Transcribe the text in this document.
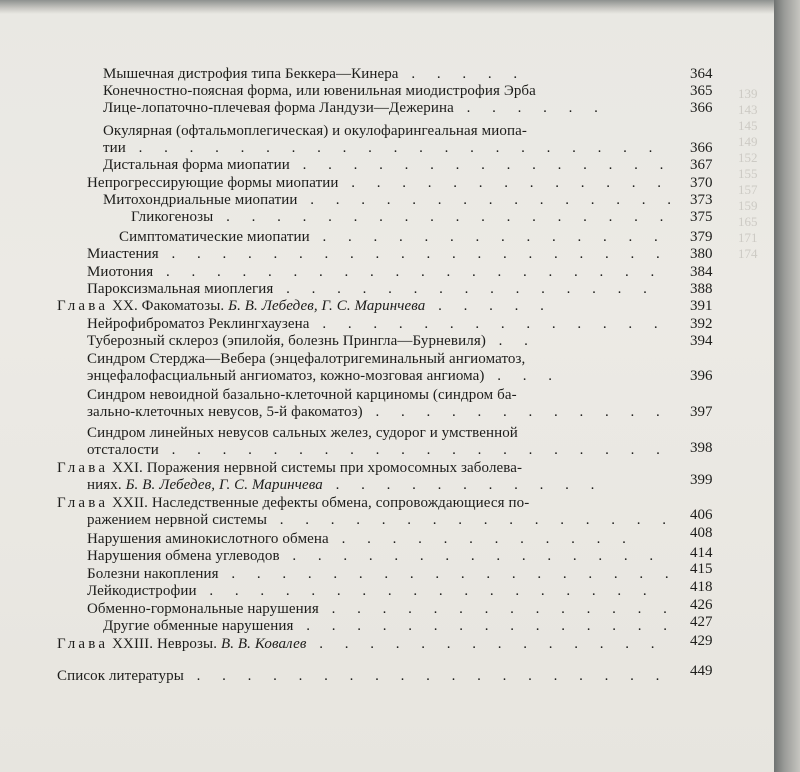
139
143
145
149
152
155
157
159
165
171
174
Мышечная дистрофия типа Беккера—Кинера . . . . .	364
Конечностно-поясная форма, или ювенильная миодистрофия Эрба	365
Лице-лопаточно-плечевая форма Ландузи—Дежерина . . . . . .	366
Окулярная (офтальмоплегическая) и окулофарингеальная миопа-
тии . . . . . . . . . . . . . . . . . . . . . 366
Дистальная форма миопатии . . . . . . . . . . . . . . . 367
Непрогрессирующие формы миопатии . . . . . . . . . . . . . 370
Митохондриальные миопатии . . . . . . . . . . . . . . . 373
Гликогенозы . . . . . . . . . . . . . . . . . . 375
Симптоматические миопатии . . . . . . . . . . . . . . 379
Миастения . . . . . . . . . . . . . . . . . . . . 380
Миотония . . . . . . . . . . . . . . . . . . . . 384
Пароксизмальная миоплегия . . . . . . . . . . . . . . . 388
Глава XX. Факоматозы. Б. В. Лебедев, Г. С. Маринчева . . . . .	391
Нейрофиброматоз Реклингхаузена . . . . . . . . . . . . . . 392
Туберозный склероз (эпилойя, болезнь Прингла—Бурневиля) . .	394
Синдром Стерджа—Вебера (энцефалотригеминальный ангиоматоз,
энцефалофасциальный ангиоматоз, кожно-мозговая ангиома) . . .	396
Синдром невоидной базально-клеточной карциномы (синдром ба-
зально-клеточных невусов, 5-й факоматоз) . . . . . . . . . . . . 397
Синдром линейных невусов сальных желез, судорог и умственной
отсталости . . . . . . . . . . . . . . . . . . . . 398
Глава XXI. Поражения нервной системы при хромосомных заболева-
ниях. Б. В. Лебедев, Г. С. Маринчева . . . . . . . . . . .	399
Глава XXII. Наследственные дефекты обмена, сопровождающиеся по-
ражением нервной системы . . . . . . . . . . . . . . . . 406
Нарушения аминокислотного обмена . . . . . . . . . . . .	408
Нарушения обмена углеводов . . . . . . . . . . . . . . . 414
Болезни накопления . . . . . . . . . . . . . . . . . . 415
Лейкодистрофии . . . . . . . . . . . . . . . . . . 418
Обменно-гормональные нарушения . . . . . . . . . . . . . . 426
Другие обменные нарушения . . . . . . . . . . . . . . . 427
Глава XXIII. Неврозы. В. В. Ковалев . . . . . . . . . . . . . . 429
Список литературы . . . . . . . . . . . . . . . . . . . 449
